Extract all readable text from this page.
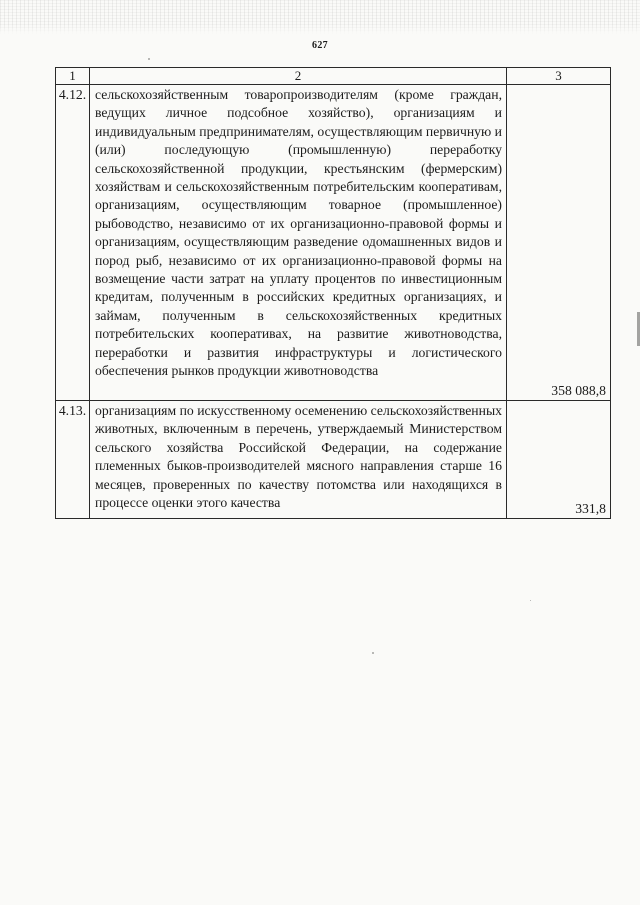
627
1	2	3
4.12.	сельскохозяйственным товаропроизводителям (кроме граждан, ведущих личное подсобное хозяйство), организациям и индивидуальным предпринимателям, осуществляющим первичную и (или) последующую (промышленную) переработку сельскохозяйственной продукции, крестьянским (фермерским) хозяйствам и сельскохозяйственным потребительским кооперативам, организациям, осуществляющим товарное (промышленное) рыбоводство, независимо от их организационно-правовой формы и организациям, осуществляющим разведение одомашненных видов и пород рыб, независимо от их организационно-правовой формы на возмещение части затрат на уплату процентов по инвестиционным кредитам, полученным в российских кредитных организациях, и займам, полученным в сельскохозяйственных кредитных потребительских кооперативах, на развитие животноводства, переработки и развития инфраструктуры и логистического обеспечения рынков продукции животноводства	358 088,8
4.13.	организациям по искусственному осеменению сельскохозяйственных животных, включенным в перечень, утверждаемый Министерством сельского хозяйства Российской Федерации, на содержание племенных быков-производителей мясного направления старше 16 месяцев, проверенных по качеству потомства или находящихся в процессе оценки этого качества	331,8
